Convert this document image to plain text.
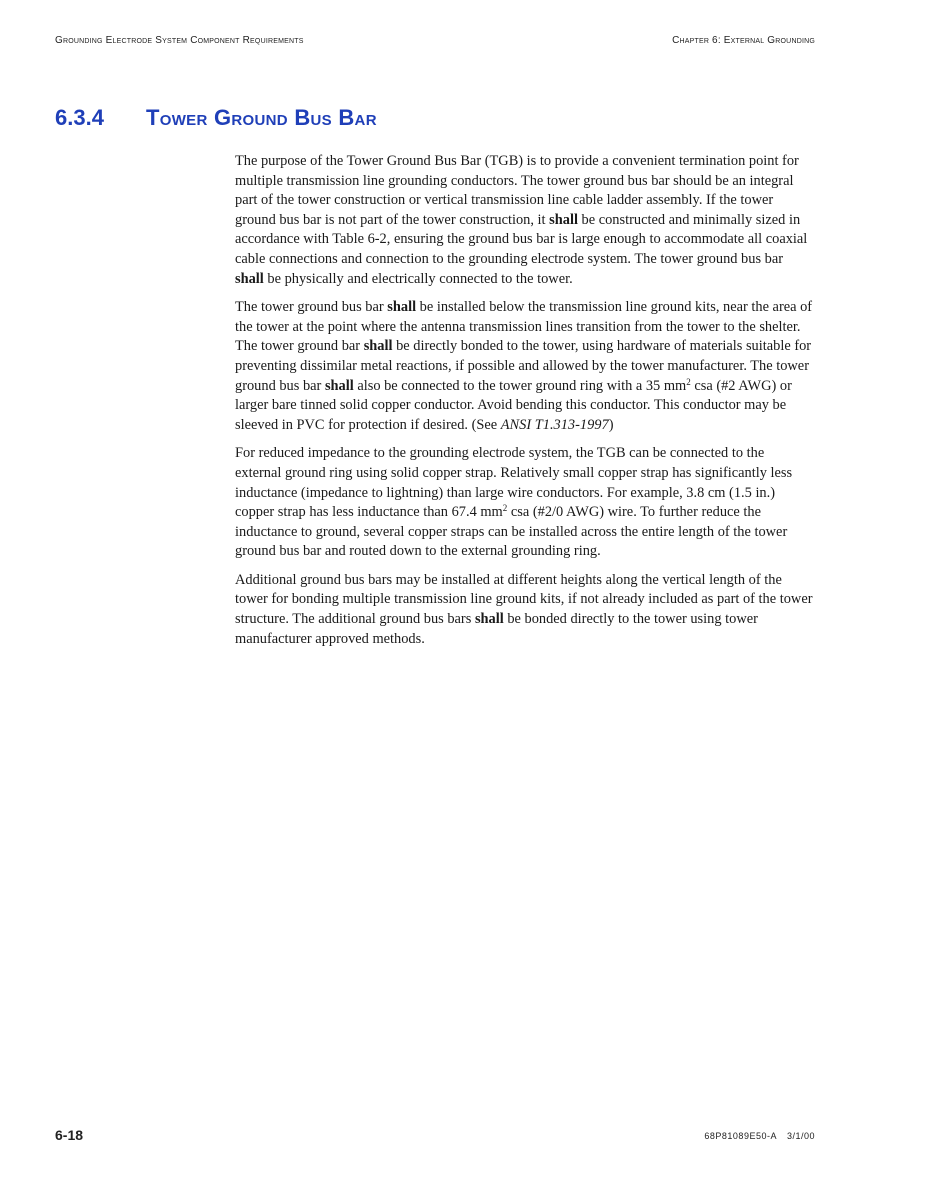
Grounding Electrode System Component Requirements	Chapter 6: External Grounding
6.3.4 Tower Ground Bus Bar

The purpose of the Tower Ground Bus Bar (TGB) is to provide a convenient termination point for multiple transmission line grounding conductors. The tower ground bus bar should be an integral part of the tower construction or vertical transmission line cable ladder assembly. If the tower ground bus bar is not part of the tower construction, it shall be constructed and minimally sized in accordance with Table 6-2, ensuring the ground bus bar is large enough to accommodate all coaxial cable connections and connection to the grounding electrode system. The tower ground bus bar shall be physically and electrically connected to the tower.

The tower ground bus bar shall be installed below the transmission line ground kits, near the area of the tower at the point where the antenna transmission lines transition from the tower to the shelter. The tower ground bar shall be directly bonded to the tower, using hardware of materials suitable for preventing dissimilar metal reactions, if possible and allowed by the tower manufacturer. The tower ground bus bar shall also be connected to the tower ground ring with a 35 $mm^2$ csa (#2 AWG) or larger bare tinned solid copper conductor. Avoid bending this conductor. This conductor may be sleeved in PVC for protection if desired. (See ANSI T1.313-1997)

For reduced impedance to the grounding electrode system, the TGB can be connected to the external ground ring using solid copper strap. Relatively small copper strap has significantly less inductance (impedance to lightning) than large wire conductors. For example, 3.8 cm (1.5 in.) copper strap has less inductance than 67.4 $mm^2$ csa (#2/0 AWG) wire. To further reduce the inductance to ground, several copper straps can be installed across the entire length of the tower ground bus bar and routed down to the external grounding ring.

Additional ground bus bars may be installed at different heights along the vertical length of the tower for bonding multiple transmission line ground kits, if not already included as part of the tower structure. The additional ground bus bars shall be bonded directly to the tower using tower manufacturer approved methods.

6-18	68P81089E50-A 3/1/00
